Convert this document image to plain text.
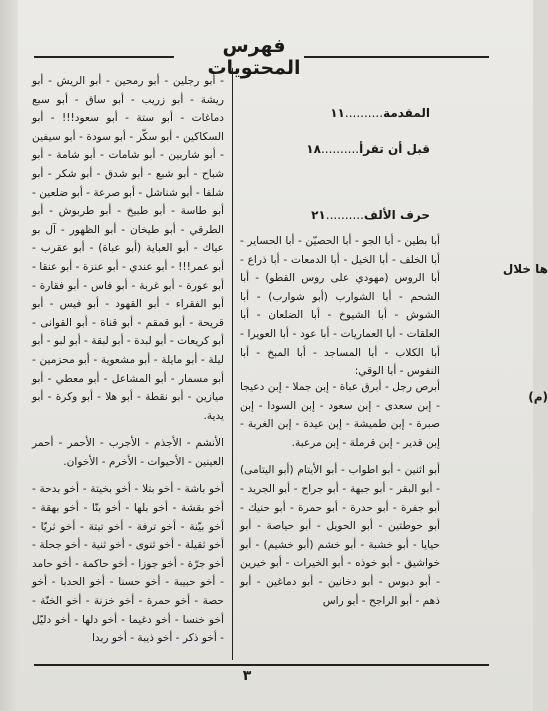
فهرس المحتويات
المقدمة..........١١
قبل أن تقرأ..........١٨
حرف الألف..........٢١
أبا بطين - أبا الجو - أبا الحصيّن - أبا الحساير - أبا الخلف - أبا الخيل - أبا الدمعات - أبا ذراع - أبا الروس (مهودي على روس القطو) - أبا الشحم - أبا الشوارب (أبو شوارب) - أبا الشوش - أبا الشيوخ - أبا الضلعان - أبا العلقات - أبا العماريات - أبا عود - أبا العويرا - أبا الكلاب - أبا المساجد - أبا المبخ - أبا النفوس - أبا الوقي:

أبرص رجل - أبرق عباة - إبن جملا - إبن دعيجا - إبن سعدى - إبن سعود - إبن السودا - إبن صبرة - إبن طميشة - إبن عيدة - إبن الغربة - إبن قدير - إبن قرملة - إبن مرعبة.

أبو اثنين - أبو اطواب - أبو الأيتام (أبو اليتامى) - أبو البقر - أبو جبهة - أبو جراح - أبو الجريد - أبو جفرة - أبو حدرة - أبو حمرة - أبو حنيك - أبو حوطتين - أبو الحويل - أبو حياصة - أبو حيايا - أبو خشبة - أبو خشم (أبو خشيم) - أبو خواشيق - أبو خوذه - أبو الخيرات - أبو خيرين - أبو دبوس - أبو دخانين - أبو دماغين - أبو ذهم - أبو الراجح - أبو راس

- أبو رجلين - أبو رمحين - أبو الريش - أبو ريشة - أبو زريب - أبو ساق - أبو سبع دماغات - أبو ستة - أبو سعود!!! - أبو السكاكين - أبو سكّر - أبو سودة - أبو سيفين - أبو شاربين - أبو شامات - أبو شامة - أبو شباح - أبو شبع - أبو شدق - أبو شكر - أبو شلفا - أبو شناشل - أبو صرعة - أبو ضلعين - أبو طاسة - أبو طبيخ - أبو طربوش - أبو الطرقي - أبو طيخان - أبو الظهور - آل بو عياك - أبو العباية (أبو عباة) - أبو عقرب - أبو عمر!!! - أبو عندي - أبو عنزة - أبو عنقا - أبو عورة - أبو غربة - أبو فاس - أبو فقارة - أبو الفقراء - أبو القهود - أبو فيس - أبو قريحة - أبو قمقم - أبو قناة - أبو القوانى - أبو كريعات - أبو لبدة - أبو لبقة - أبو لبو - أبو ليلة - أبو مايلة - أبو مشعوية - أبو محزمين - أبو مسمار - أبو المشاعل - أبو معطي - أبو ميازين - أبو نقطة - أبو هلا - أبو وكرة - أبو يدية.

الأنشم - الأجذم - الأجرب - الأحمر - أحمر العينين - الأحيوات - الأخرم - الأخوان.

أخو باشة - أخو بتلا - أخو بخيتة - أخو بدحة - أخو بقشة - أخو بلها - أخو بنّا - أخو بهقة - أخو بيّنة - أخو ترفة - أخو تيتة - أخو ثريّا - أخو ثقيلة - أخو ثنوى - أخو ثنية - أخو جحلة - أخو جرّة - أخو جوزا - أخو حاكمة - أخو حامد - أخو حبيبة - أخو حسنا - أخو الحدبا - أخو حصة - أخو حمرة - أخو خزنة - أخو الخنّة - أخو خنسا - أخو دغيما - أخو دلها - أخو دليّل - أخو ذكر - أخو ذيبة - أخو ربدا

ها خلال
(م)
٣
